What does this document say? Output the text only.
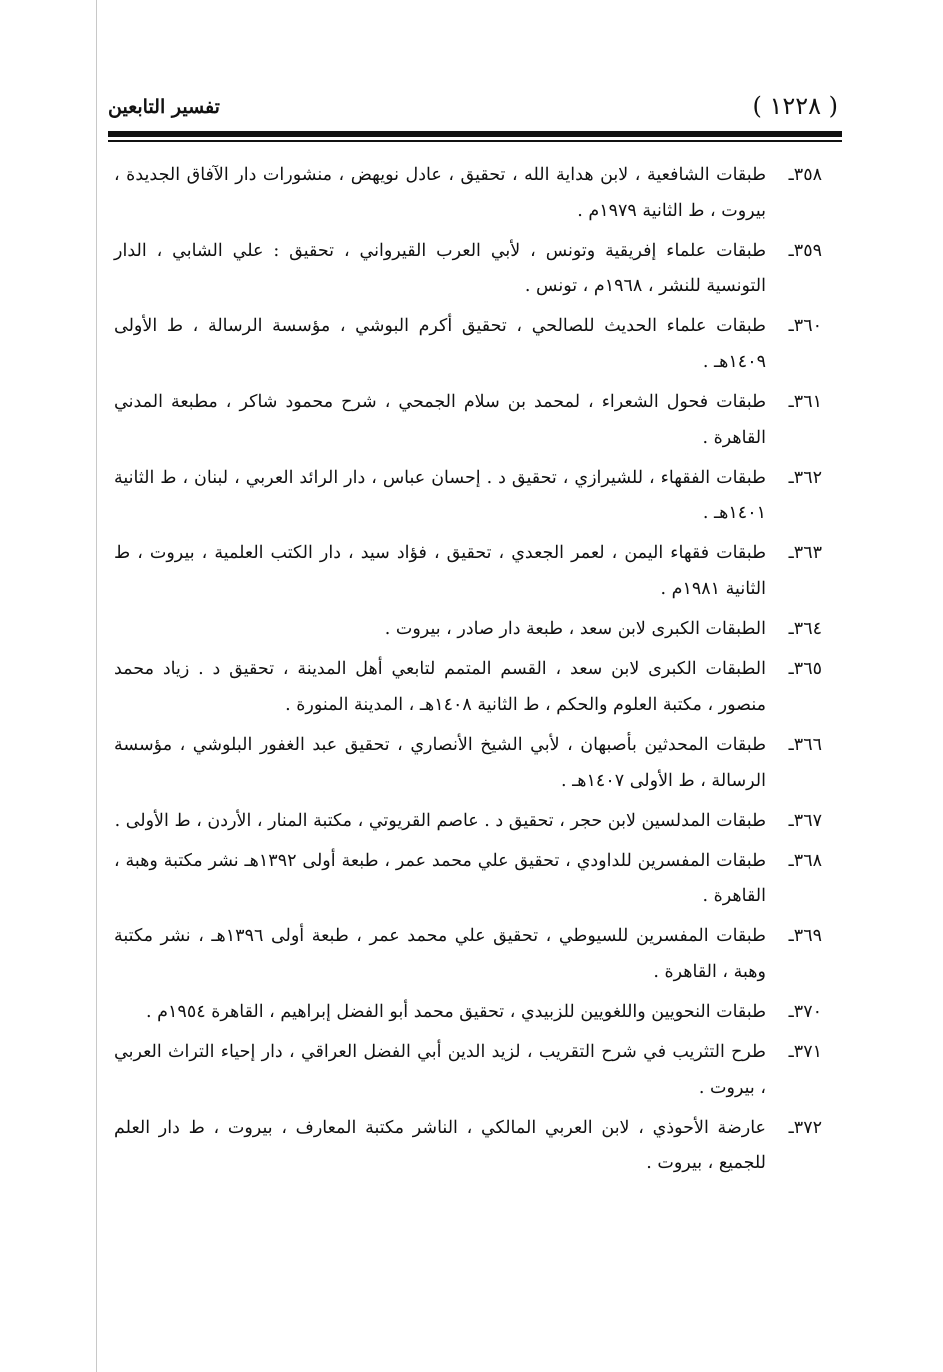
( ١٢٢٨ )
تفسير التابعين
٣٥٨ـ
طبقات الشافعية ، لابن هداية الله ، تحقيق ، عادل نويهض ، منشورات دار الآفاق الجديدة ، بيروت ، ط الثانية ١٩٧٩م .
٣٥٩ـ
طبقات علماء إفريقية وتونس ، لأبي العرب القيرواني ، تحقيق : علي الشابي ، الدار التونسية للنشر ، ١٩٦٨م ، تونس .
٣٦٠ـ
طبقات علماء الحديث للصالحي ، تحقيق أكرم البوشي ، مؤسسة الرسالة ، ط الأولى ١٤٠٩هـ .
٣٦١ـ
طبقات فحول الشعراء ، لمحمد بن سلام الجمحي ، شرح محمود شاكر ، مطبعة المدني القاهرة .
٣٦٢ـ
طبقات الفقهاء ، للشيرازي ، تحقيق د . إحسان عباس ، دار الرائد العربي ، لبنان ، ط الثانية ١٤٠١هـ .
٣٦٣ـ
طبقات فقهاء اليمن ، لعمر الجعدي ، تحقيق ، فؤاد سيد ، دار الكتب العلمية ، بيروت ، ط الثانية ١٩٨١م .
٣٦٤ـ
الطبقات الكبرى لابن سعد ، طبعة دار صادر ، بيروت .
٣٦٥ـ
الطبقات الكبرى لابن سعد ، القسم المتمم لتابعي أهل المدينة ، تحقيق د . زياد محمد منصور ، مكتبة العلوم والحكم ، ط الثانية ١٤٠٨هـ ، المدينة المنورة .
٣٦٦ـ
طبقات المحدثين بأصبهان ، لأبي الشيخ الأنصاري ، تحقيق عبد الغفور البلوشي ، مؤسسة الرسالة ، ط الأولى ١٤٠٧هـ .
٣٦٧ـ
طبقات المدلسين لابن حجر ، تحقيق د . عاصم القريوتي ، مكتبة المنار ، الأردن ، ط الأولى .
٣٦٨ـ
طبقات المفسرين للداودي ، تحقيق علي محمد عمر ، طبعة أولى ١٣٩٢هـ نشر مكتبة وهبة ، القاهرة .
٣٦٩ـ
طبقات المفسرين للسيوطي ، تحقيق علي محمد عمر ، طبعة أولى ١٣٩٦هـ ، نشر مكتبة وهبة ، القاهرة .
٣٧٠ـ
طبقات النحويين واللغويين للزبيدي ، تحقيق محمد أبو الفضل إبراهيم ، القاهرة ١٩٥٤م .
٣٧١ـ
طرح التثريب في شرح التقريب ، لزيد الدين أبي الفضل العراقي ، دار إحياء التراث العربي ، بيروت .
٣٧٢ـ
عارضة الأحوذي ، لابن العربي المالكي ، الناشر مكتبة المعارف ، بيروت ، ط دار العلم للجميع ، بيروت .
